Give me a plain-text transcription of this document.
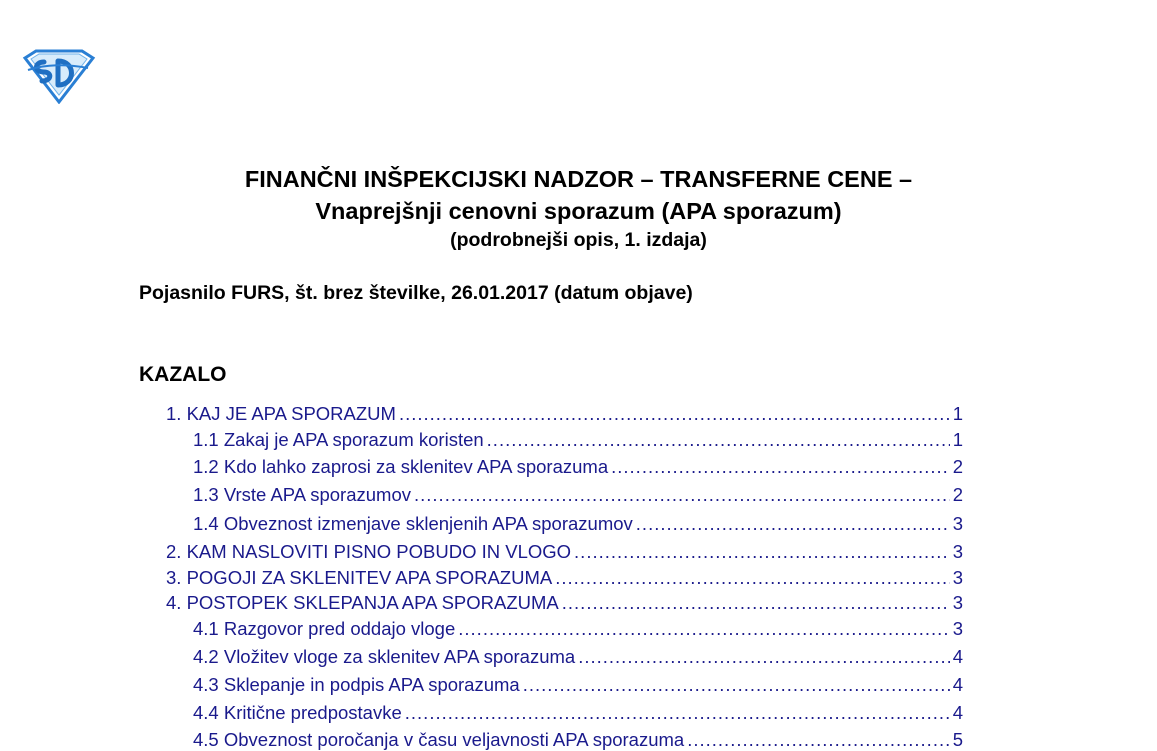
FINANČNI INŠPEKCIJSKI NADZOR – TRANSFERNE CENE –
Vnaprejšnji cenovni sporazum (APA sporazum)
(podrobnejši opis, 1. izdaja)
Pojasnilo FURS, št. brez številke, 26.01.2017 (datum objave)
KAZALO
1. KAJ JE APA SPORAZUM .....	1
1.1 Zakaj je APA sporazum koristen .....	1
1.2 Kdo lahko zaprosi za sklenitev APA sporazuma .....	2
1.3 Vrste APA sporazumov .....	2
1.4 Obveznost izmenjave sklenjenih APA sporazumov .....	3
2. KAM NASLOVITI PISNO POBUDO IN VLOGO .....	3
3. POGOJI ZA SKLENITEV APA SPORAZUMA .....	3
4. POSTOPEK SKLEPANJA APA SPORAZUMA .....	3
4.1 Razgovor pred oddajo vloge .....	3
4.2 Vložitev vloge za sklenitev APA sporazuma .....	4
4.3 Sklepanje in podpis APA sporazuma .....	4
4.4 Kritične predpostavke .....	4
4.5 Obveznost poročanja v času veljavnosti APA sporazuma .....	5
